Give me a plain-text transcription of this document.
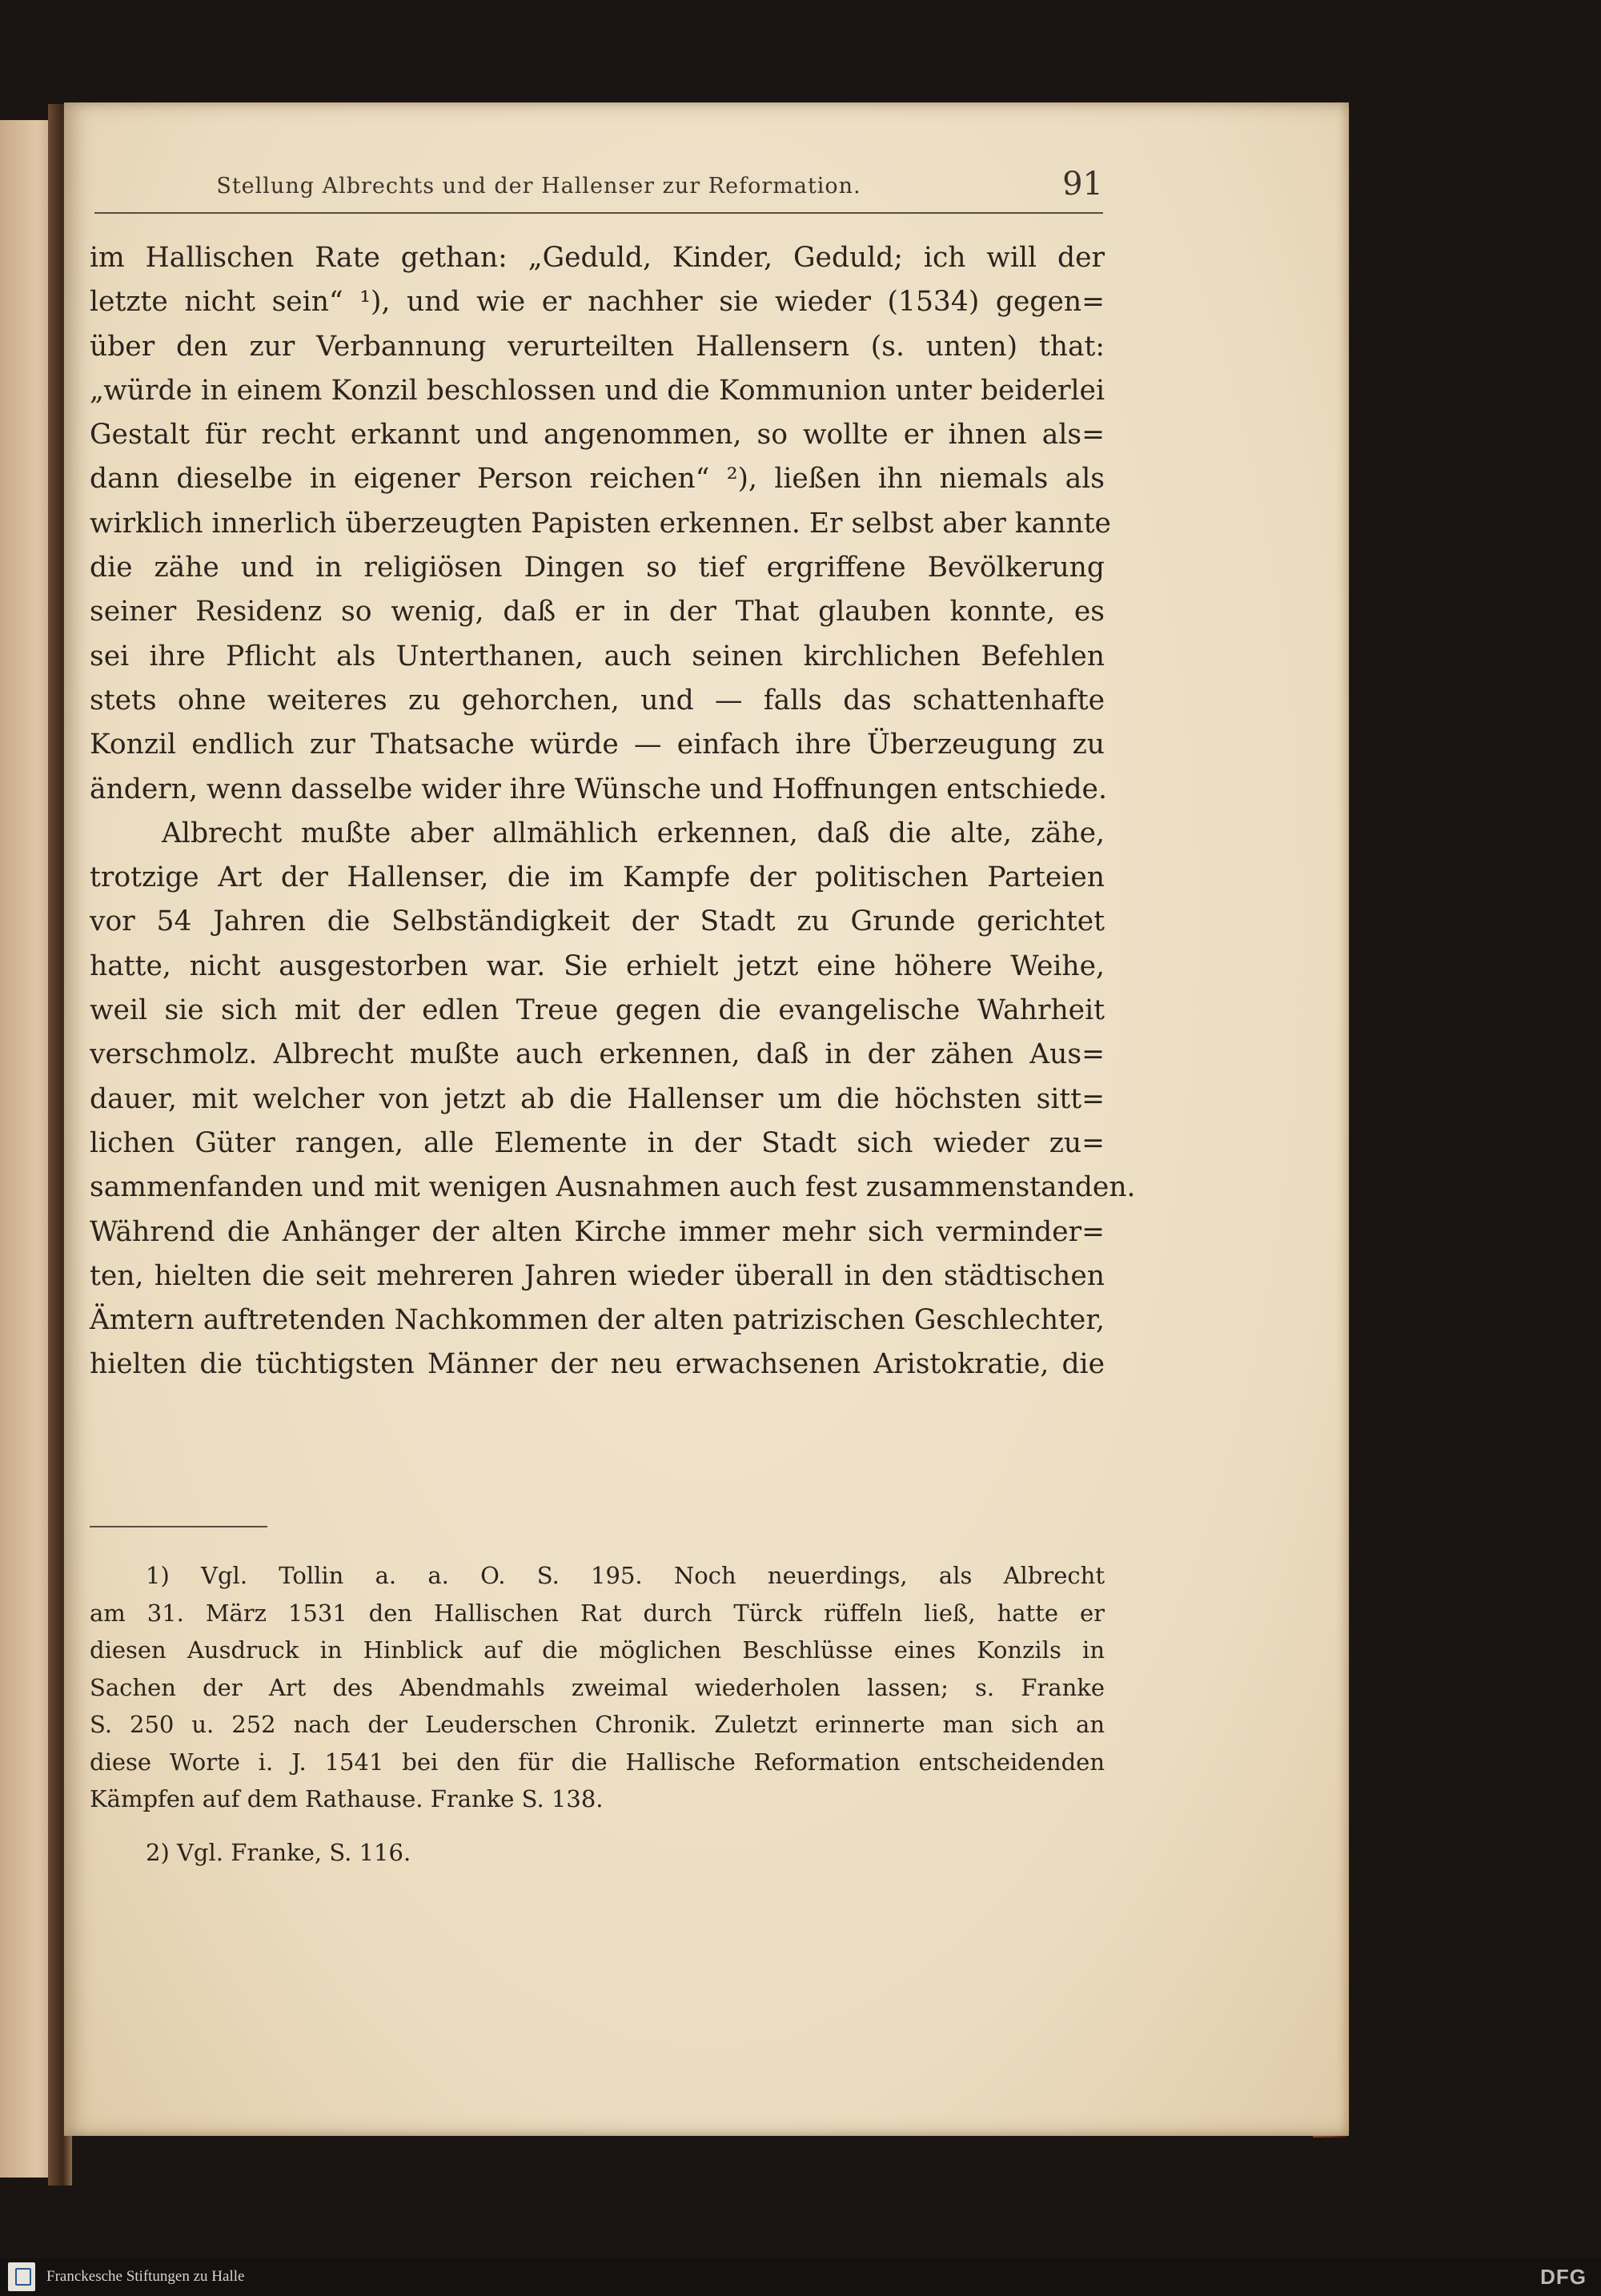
Stellung Albrechts und der Hallenser zur Reformation.	91
im Hallischen Rate gethan: „Geduld, Kinder, Geduld; ich will der
letzte nicht sein“ ¹), und wie er nachher sie wieder (1534) gegen=
über den zur Verbannung verurteilten Hallensern (s. unten) that:
„würde in einem Konzil beschlossen und die Kommunion unter beiderlei
Gestalt für recht erkannt und angenommen, so wollte er ihnen als=
dann dieselbe in eigener Person reichen“ ²), ließen ihn niemals als
wirklich innerlich überzeugten Papisten erkennen. Er selbst aber kannte
die zähe und in religiösen Dingen so tief ergriffene Bevölkerung
seiner Residenz so wenig, daß er in der That glauben konnte, es
sei ihre Pflicht als Unterthanen, auch seinen kirchlichen Befehlen
stets ohne weiteres zu gehorchen, und — falls das schattenhafte
Konzil endlich zur Thatsache würde — einfach ihre Überzeugung zu
ändern, wenn dasselbe wider ihre Wünsche und Hoffnungen entschiede.
Albrecht mußte aber allmählich erkennen, daß die alte, zähe,
trotzige Art der Hallenser, die im Kampfe der politischen Parteien
vor 54 Jahren die Selbständigkeit der Stadt zu Grunde gerichtet
hatte, nicht ausgestorben war. Sie erhielt jetzt eine höhere Weihe,
weil sie sich mit der edlen Treue gegen die evangelische Wahrheit
verschmolz. Albrecht mußte auch erkennen, daß in der zähen Aus=
dauer, mit welcher von jetzt ab die Hallenser um die höchsten sitt=
lichen Güter rangen, alle Elemente in der Stadt sich wieder zu=
sammenfanden und mit wenigen Ausnahmen auch fest zusammenstanden.
Während die Anhänger der alten Kirche immer mehr sich verminder=
ten, hielten die seit mehreren Jahren wieder überall in den städtischen
Ämtern auftretenden Nachkommen der alten patrizischen Geschlechter,
hielten die tüchtigsten Männer der neu erwachsenen Aristokratie, die
1) Vgl. Tollin a. a. O. S. 195. Noch neuerdings, als Albrecht
am 31. März 1531 den Hallischen Rat durch Türck rüffeln ließ, hatte er
diesen Ausdruck in Hinblick auf die möglichen Beschlüsse eines Konzils in
Sachen der Art des Abendmahls zweimal wiederholen lassen; s. Franke
S. 250 u. 252 nach der Leuderschen Chronik. Zuletzt erinnerte man sich an
diese Worte i. J. 1541 bei den für die Hallische Reformation entscheidenden
Kämpfen auf dem Rathause. Franke S. 138.
2) Vgl. Franke, S. 116.
Franckesche Stiftungen zu Halle	DFG
